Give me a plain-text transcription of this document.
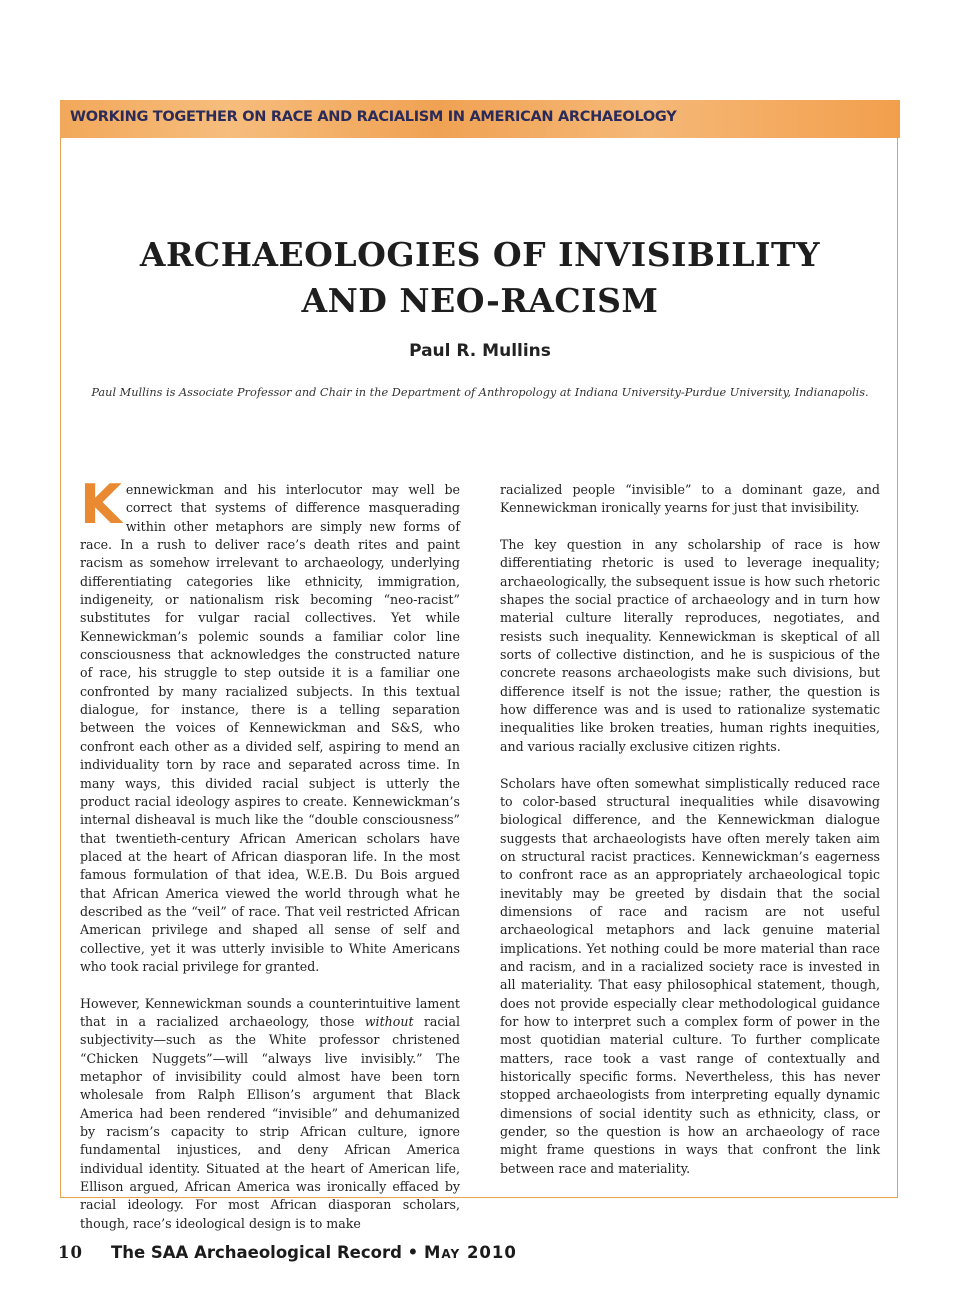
WORKING TOGETHER ON RACE AND RACIALISM IN AMERICAN ARCHAEOLOGY
ARCHAEOLOGIES OF INVISIBILITY
AND NEO-RACISM
Paul R. Mullins
Paul Mullins is Associate Professor and Chair in the Department of Anthropology at Indiana University-Purdue University, Indianapolis.

Kennewickman and his interlocutor may well be correct that systems of difference masquerading within other metaphors are simply new forms of race. In a rush to deliver race’s death rites and paint racism as somehow irrelevant to archaeology, underlying differentiating categories like ethnicity, immigration, indigeneity, or nationalism risk becoming “neo-racist” substitutes for vulgar racial collectives. Yet while Kennewickman’s polemic sounds a familiar color line consciousness that acknowledges the constructed nature of race, his struggle to step outside it is a familiar one confronted by many racialized subjects. In this textual dialogue, for instance, there is a telling separation between the voices of Kennewickman and S&S, who confront each other as a divided self, aspiring to mend an individuality torn by race and separated across time. In many ways, this divided racial subject is utterly the product racial ideology aspires to create. Kennewickman’s internal disheaval is much like the “double consciousness” that twentieth-century African American scholars have placed at the heart of African diasporan life. In the most famous formulation of that idea, W.E.B. Du Bois argued that African America viewed the world through what he described as the “veil” of race. That veil restricted African American privilege and shaped all sense of self and collective, yet it was utterly invisible to White Americans who took racial privilege for granted.

However, Kennewickman sounds a counterintuitive lament that in a racialized archaeology, those without racial subjectivity—such as the White professor christened “Chicken Nuggets”—will “always live invisibly.” The metaphor of invisibility could almost have been torn wholesale from Ralph Ellison’s argument that Black America had been rendered “invisible” and dehumanized by racism’s capacity to strip African culture, ignore fundamental injustices, and deny African America individual identity. Situated at the heart of American life, Ellison argued, African America was ironically effaced by racial ideology. For most African diasporan scholars, though, race’s ideological design is to make

racialized people “invisible” to a dominant gaze, and Kennewickman ironically yearns for just that invisibility.

The key question in any scholarship of race is how differentiating rhetoric is used to leverage inequality; archaeologically, the subsequent issue is how such rhetoric shapes the social practice of archaeology and in turn how material culture literally reproduces, negotiates, and resists such inequality. Kennewickman is skeptical of all sorts of collective distinction, and he is suspicious of the concrete reasons archaeologists make such divisions, but difference itself is not the issue; rather, the question is how difference was and is used to rationalize systematic inequalities like broken treaties, human rights inequities, and various racially exclusive citizen rights.

Scholars have often somewhat simplistically reduced race to color-based structural inequalities while disavowing biological difference, and the Kennewickman dialogue suggests that archaeologists have often merely taken aim on structural racist practices. Kennewickman’s eagerness to confront race as an appropriately archaeological topic inevitably may be greeted by disdain that the social dimensions of race and racism are not useful archaeological metaphors and lack genuine material implications. Yet nothing could be more material than race and racism, and in a racialized society race is invested in all materiality. That easy philosophical statement, though, does not provide especially clear methodological guidance for how to interpret such a complex form of power in the most quotidian material culture. To further complicate matters, race took a vast range of contextually and historically specific forms. Nevertheless, this has never stopped archaeologists from interpreting equally dynamic dimensions of social identity such as ethnicity, class, or gender, so the question is how an archaeology of race might frame questions in ways that confront the link between race and materiality.

10 The SAA Archaeological Record • May 2010
